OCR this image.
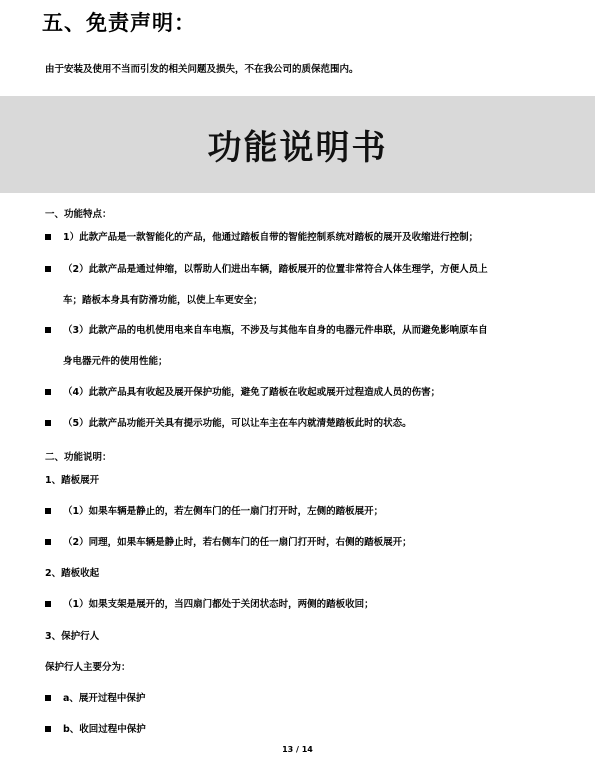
五、免责声明：

由于安装及使用不当而引发的相关问题及损失，不在我公司的质保范围内。

功能说明书

一、功能特点：

1）此款产品是一款智能化的产品，他通过踏板自带的智能控制系统对踏板的展开及收缩进行控制；

（2）此款产品是通过伸缩，以帮助人们进出车辆，踏板展开的位置非常符合人体生理学，方便人员上

车；踏板本身具有防滑功能，以使上车更安全；

（3）此款产品的电机使用电来自车电瓶，不涉及与其他车自身的电器元件串联，从而避免影响原车自

身电器元件的使用性能；

（4）此款产品具有收起及展开保护功能，避免了踏板在收起或展开过程造成人员的伤害；

（5）此款产品功能开关具有提示功能，可以让车主在车内就清楚踏板此时的状态。

二、功能说明：

1、踏板展开

（1）如果车辆是静止的，若左侧车门的任一扇门打开时，左侧的踏板展开；

（2）同理，如果车辆是静止时，若右侧车门的任一扇门打开时，右侧的踏板展开；

2、踏板收起

（1）如果支架是展开的，当四扇门都处于关闭状态时，两侧的踏板收回；

3、保护行人

保护行人主要分为：

a、展开过程中保护

b、收回过程中保护

13 / 14
